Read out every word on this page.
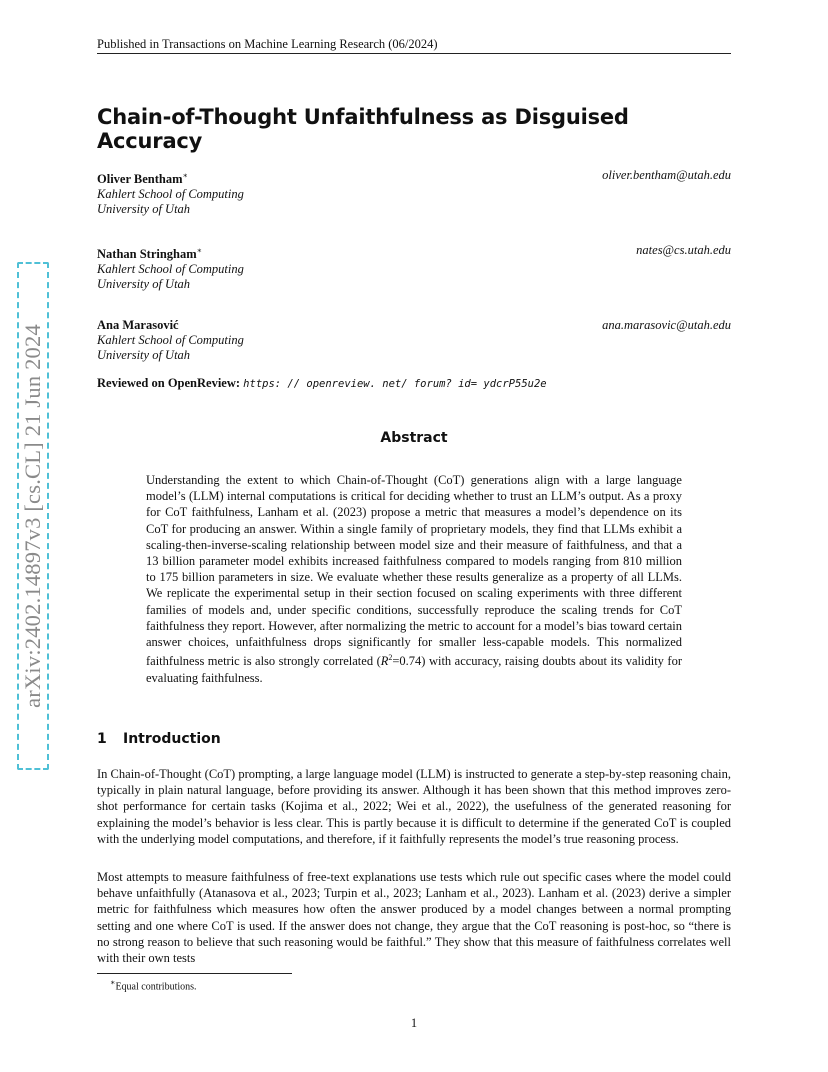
Published in Transactions on Machine Learning Research (06/2024)
Chain-of-Thought Unfaithfulness as Disguised Accuracy
Oliver Bentham∗
Kahlert School of Computing
University of Utah
oliver.bentham@utah.edu
Nathan Stringham∗
Kahlert School of Computing
University of Utah
nates@cs.utah.edu
Ana Marasović
Kahlert School of Computing
University of Utah
ana.marasovic@utah.edu
Reviewed on OpenReview: https: // openreview. net/ forum? id= ydcrP55u2e
Abstract
Understanding the extent to which Chain-of-Thought (CoT) generations align with a large language model’s (LLM) internal computations is critical for deciding whether to trust an LLM’s output. As a proxy for CoT faithfulness, Lanham et al. (2023) propose a metric that measures a model’s dependence on its CoT for producing an answer. Within a single family of proprietary models, they find that LLMs exhibit a scaling-then-inverse-scaling relationship between model size and their measure of faithfulness, and that a 13 billion parameter model exhibits increased faithfulness compared to models ranging from 810 million to 175 billion parameters in size. We evaluate whether these results generalize as a property of all LLMs. We replicate the experimental setup in their section focused on scaling experiments with three different families of models and, under specific conditions, successfully reproduce the scaling trends for CoT faithfulness they report. However, after normalizing the metric to account for a model’s bias toward certain answer choices, unfaithfulness drops significantly for smaller less-capable models. This normalized faithfulness metric is also strongly correlated $(R^2=0.74)$ with accuracy, raising doubts about its validity for evaluating faithfulness.
1 Introduction
In Chain-of-Thought (CoT) prompting, a large language model (LLM) is instructed to generate a step-by-step reasoning chain, typically in plain natural language, before providing its answer. Although it has been shown that this method improves zero-shot performance for certain tasks (Kojima et al., 2022; Wei et al., 2022), the usefulness of the generated reasoning for explaining the model’s behavior is less clear. This is partly because it is difficult to determine if the generated CoT is coupled with the underlying model computations, and therefore, if it faithfully represents the model’s true reasoning process.
Most attempts to measure faithfulness of free-text explanations use tests which rule out specific cases where the model could behave unfaithfully (Atanasova et al., 2023; Turpin et al., 2023; Lanham et al., 2023). Lanham et al. (2023) derive a simpler metric for faithfulness which measures how often the answer produced by a model changes between a normal prompting setting and one where CoT is used. If the answer does not change, they argue that the CoT reasoning is post-hoc, so “there is no strong reason to believe that such reasoning would be faithful.” They show that this measure of faithfulness correlates well with their own tests
∗Equal contributions.
1
arXiv:2402.14897v3 [cs.CL] 21 Jun 2024
